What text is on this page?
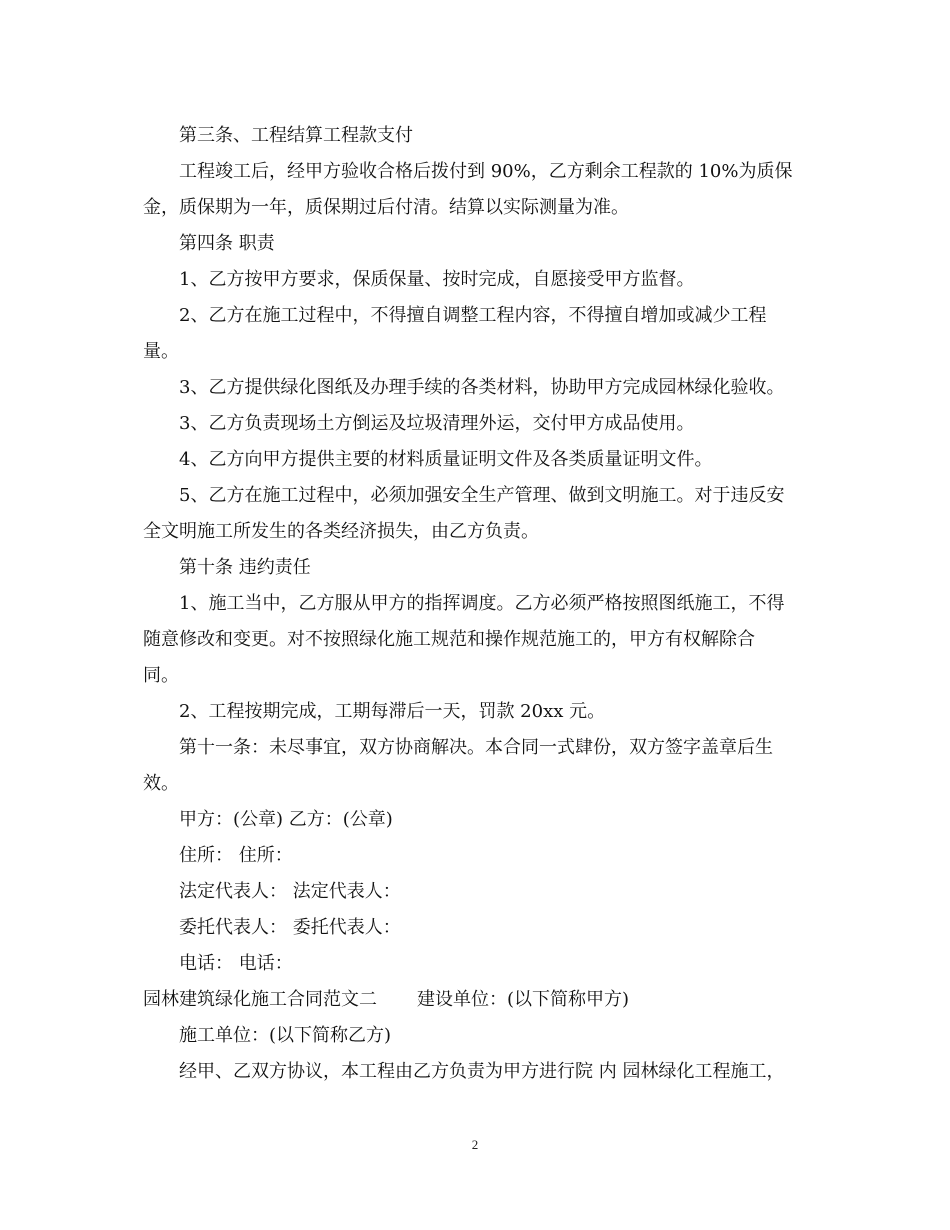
第三条、工程结算工程款支付
工程竣工后，经甲方验收合格后拨付到 90%，乙方剩余工程款的 10%为质保
金，质保期为一年，质保期过后付清。结算以实际测量为准。
第四条 职责
1、乙方按甲方要求，保质保量、按时完成，自愿接受甲方监督。
2、乙方在施工过程中，不得擅自调整工程内容，不得擅自增加或减少工程
量。
3、乙方提供绿化图纸及办理手续的各类材料，协助甲方完成园林绿化验收。
3、乙方负责现场土方倒运及垃圾清理外运，交付甲方成品使用。
4、乙方向甲方提供主要的材料质量证明文件及各类质量证明文件。
5、乙方在施工过程中，必须加强安全生产管理、做到文明施工。对于违反安
全文明施工所发生的各类经济损失，由乙方负责。
第十条 违约责任
1、施工当中，乙方服从甲方的指挥调度。乙方必须严格按照图纸施工，不得
随意修改和变更。对不按照绿化施工规范和操作规范施工的，甲方有权解除合
同。
2、工程按期完成，工期每滞后一天，罚款 20xx 元。
第十一条：未尽事宜，双方协商解决。本合同一式肆份，双方签字盖章后生
效。
甲方：(公章) 乙方：(公章)
住所： 住所：
法定代表人： 法定代表人：
委托代表人： 委托代表人：
电话： 电话：
园林建筑绿化施工合同范文二 建设单位：(以下简称甲方)
施工单位：(以下简称乙方)
经甲、乙双方协议，本工程由乙方负责为甲方进行院 内 园林绿化工程施工，
2
